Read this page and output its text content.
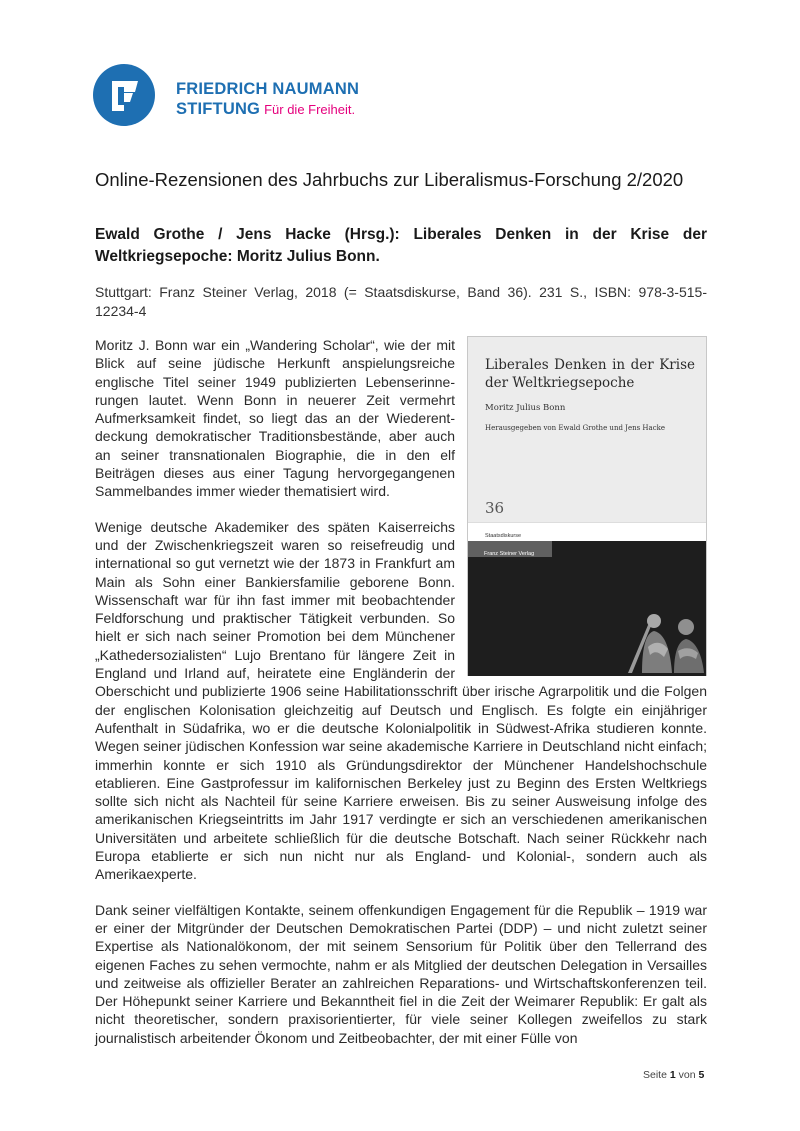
FRIEDRICH NAUMANN
STIFTUNG Für die Freiheit.
Online-Rezensionen des Jahrbuchs zur Liberalismus-Forschung 2/2020
Ewald Grothe / Jens Hacke (Hrsg.): Liberales Denken in der Krise der Weltkriegsepoche: Moritz Julius Bonn.
Stuttgart: Franz Steiner Verlag, 2018 (= Staatsdiskurse, Band 36). 231 S., ISBN: 978-3-515-12234-4
Liberales Denken in der Krise der Weltkriegsepoche
Moritz Julius Bonn
Herausgegeben von Ewald Grothe und Jens Hacke
36
Staatsdiskurse
Franz Steiner Verlag

Moritz J. Bonn war ein „Wandering Scholar“, wie der mit Blick auf seine jüdische Herkunft anspielungsreiche englische Titel seiner 1949 publizierten Lebenserinnerungen lautet. Wenn Bonn in neuerer Zeit vermehrt Aufmerksamkeit findet, so liegt das an der Wiederentdeckung demokratischer Traditionsbestände, aber auch an seiner transnationalen Biographie, die in den elf Beiträgen dieses aus einer Tagung hervorgegangenen Sammelbandes immer wieder thematisiert wird.

Wenige deutsche Akademiker des späten Kaiserreichs und der Zwischenkriegszeit waren so reisefreudig und international so gut vernetzt wie der 1873 in Frankfurt am Main als Sohn einer Bankiersfamilie geborene Bonn. Wissenschaft war für ihn fast immer mit beobachtender Feldforschung und praktischer Tätigkeit verbunden. So hielt er sich nach seiner Promotion bei dem Münchener „Kathedersozialisten“ Lujo Brentano für längere Zeit in England und Irland auf, heiratete eine Engländerin der Oberschicht und publizierte 1906 seine Habilitationsschrift über irische Agrarpolitik und die Folgen der englischen Kolonisation gleichzeitig auf Deutsch und Englisch. Es folgte ein einjähriger Aufenthalt in Südafrika, wo er die deutsche Kolonialpolitik in Südwest-Afrika studieren konnte. Wegen seiner jüdischen Konfession war seine akademische Karriere in Deutschland nicht einfach; immerhin konnte er sich 1910 als Gründungsdirektor der Münchener Handelshochschule etablieren. Eine Gastprofessur im kalifornischen Berkeley just zu Beginn des Ersten Weltkriegs sollte sich nicht als Nachteil für seine Karriere erweisen. Bis zu seiner Ausweisung infolge des amerikanischen Kriegseintritts im Jahr 1917 verdingte er sich an verschiedenen amerikanischen Universitäten und arbeitete schließlich für die deutsche Botschaft. Nach seiner Rückkehr nach Europa etablierte er sich nun nicht nur als England- und Kolonial-, sondern auch als Amerikaexperte.

Dank seiner vielfältigen Kontakte, seinem offenkundigen Engagement für die Republik – 1919 war er einer der Mitgründer der Deutschen Demokratischen Partei (DDP) – und nicht zuletzt seiner Expertise als Nationalökonom, der mit seinem Sensorium für Politik über den Tellerrand des eigenen Faches zu sehen vermochte, nahm er als Mitglied der deutschen Delegation in Versailles und zeitweise als offizieller Berater an zahlreichen Reparations- und Wirtschaftskonferenzen teil. Der Höhepunkt seiner Karriere und Bekanntheit fiel in die Zeit der Weimarer Republik: Er galt als nicht theoretischer, sondern praxisorientierter, für viele seiner Kollegen zweifellos zu stark journalistisch arbeitender Ökonom und Zeitbeobachter, der mit einer Fülle von

Seite 1 von 5
